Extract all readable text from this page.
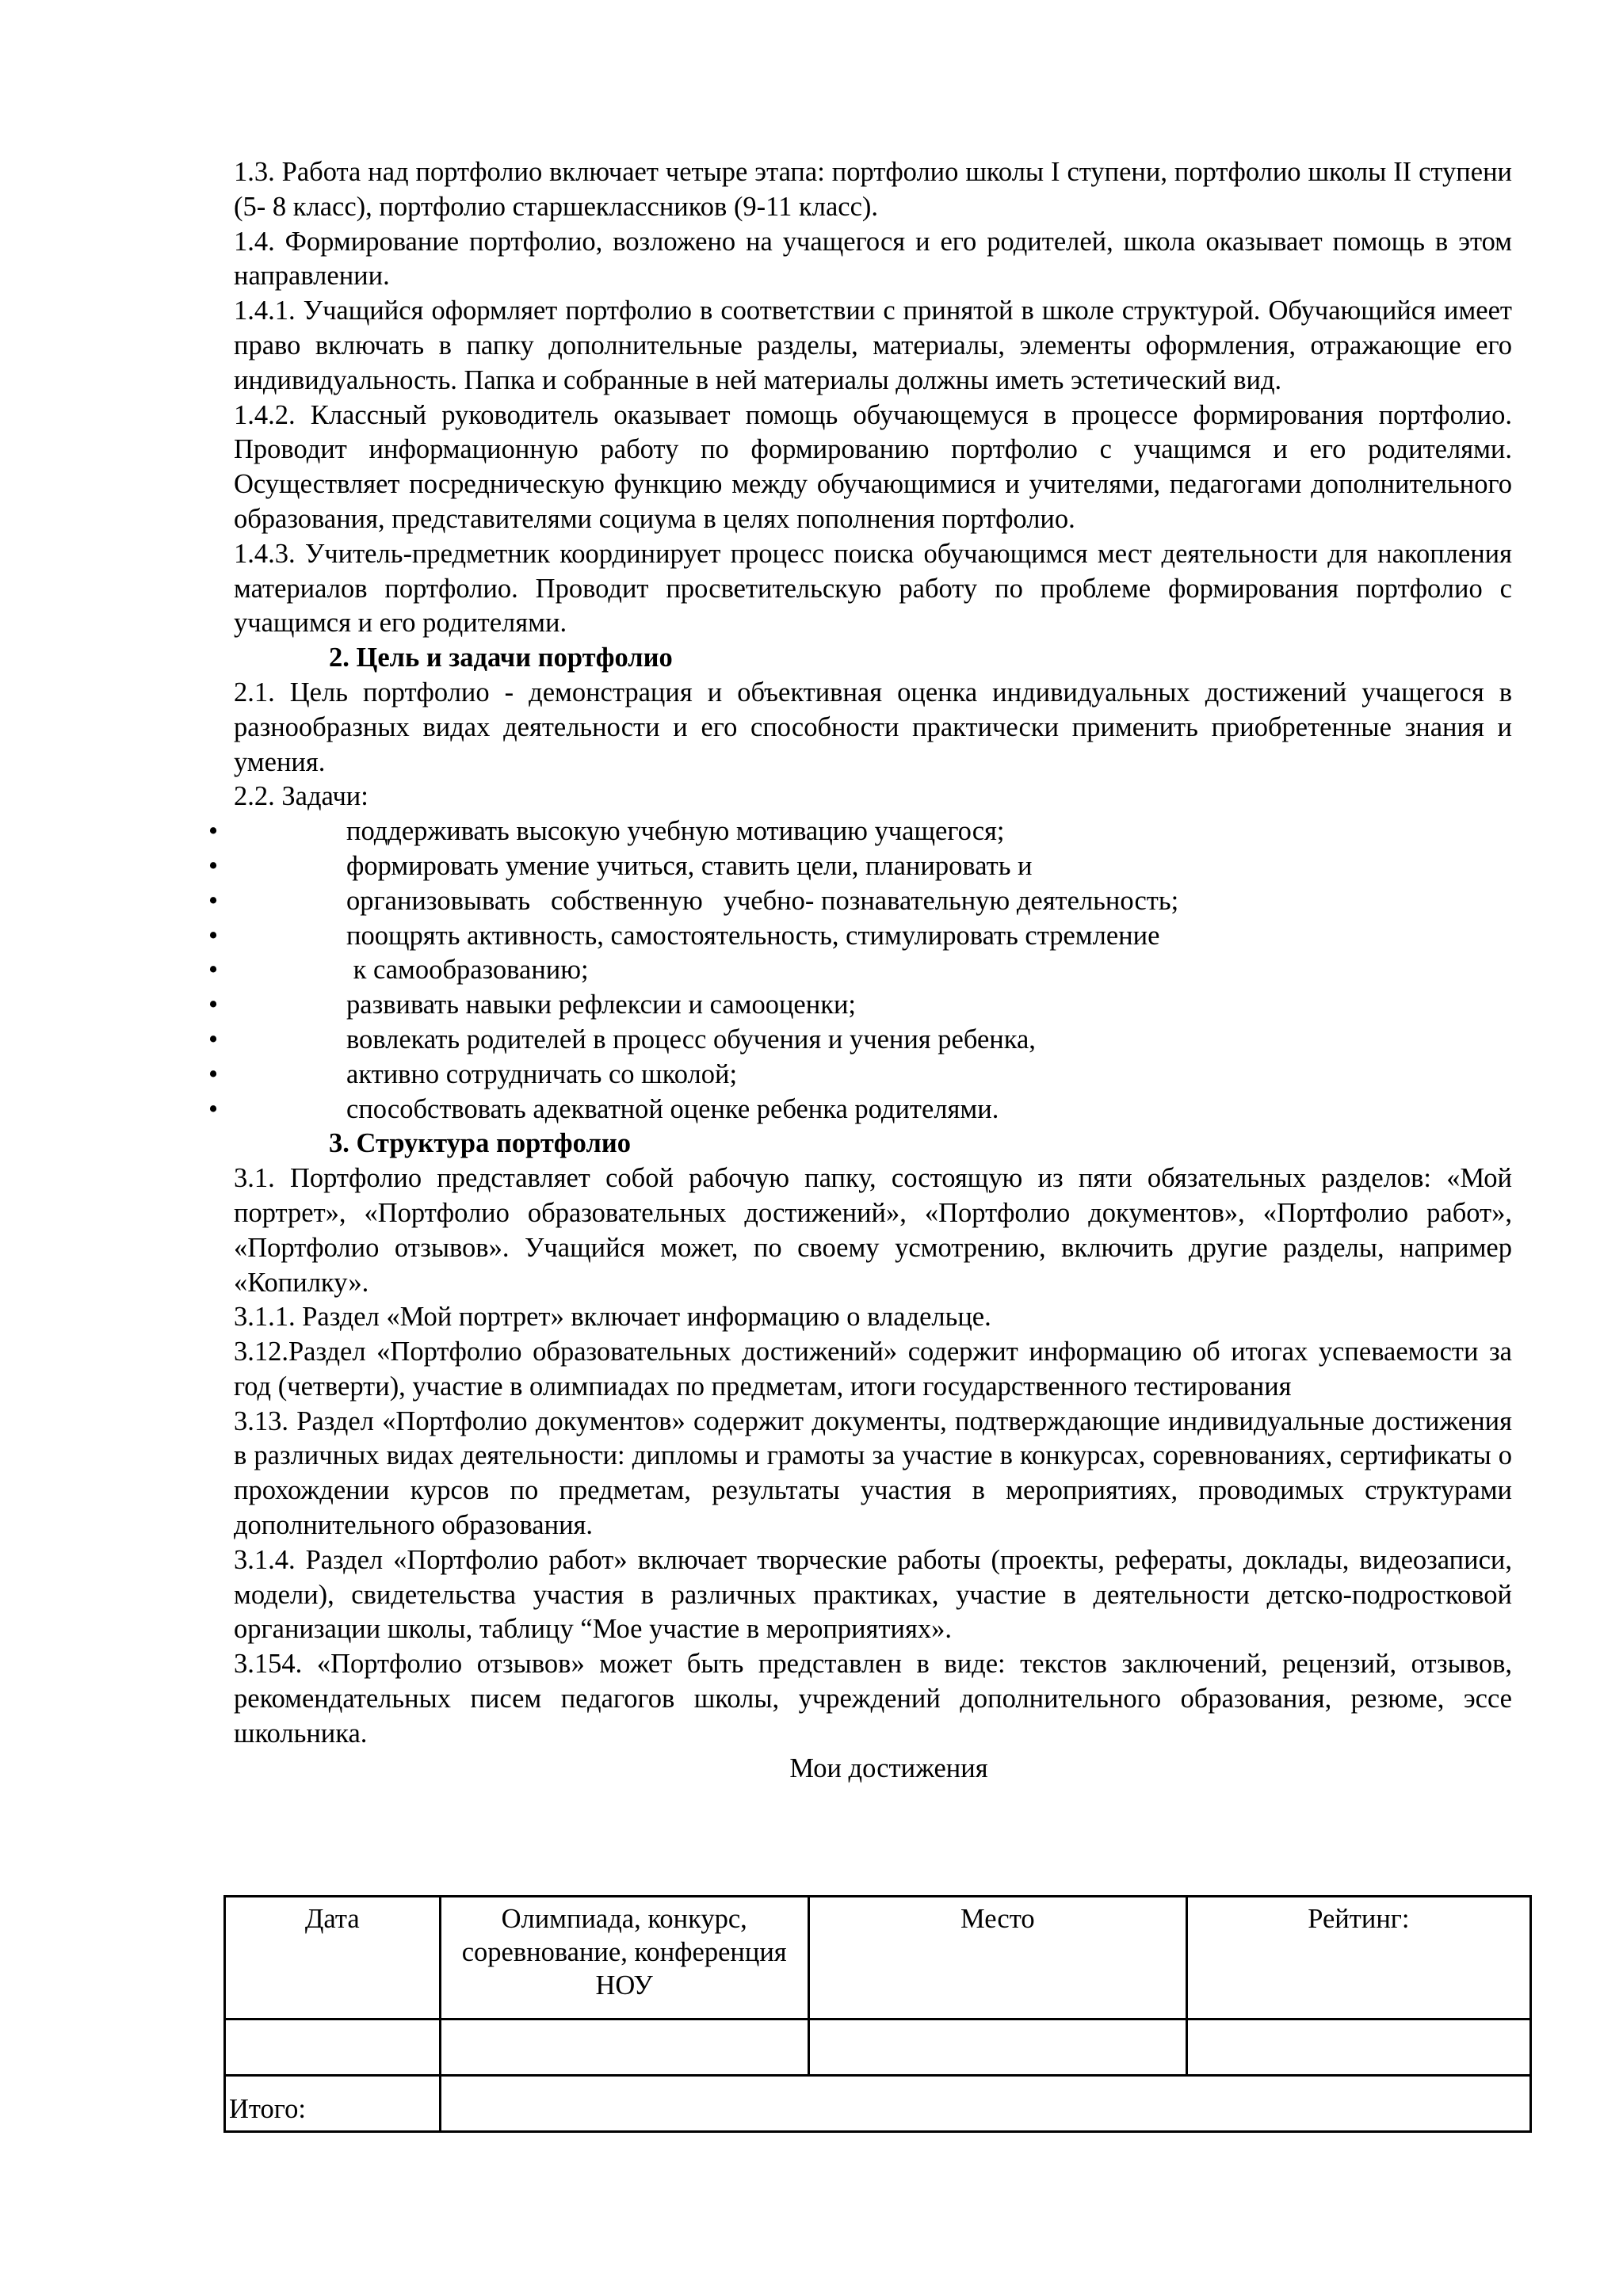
1.3. Работа над портфолио включает четыре этапа: портфолио школы I ступени, портфолио школы II ступени (5- 8 класс), портфолио старшеклассников (9-11 класс).

1.4. Формирование портфолио, возложено на учащегося и его родителей, школа оказывает помощь в этом направлении.

1.4.1. Учащийся оформляет портфолио в соответствии с принятой в школе структурой. Обучающийся имеет право включать в папку дополнительные разделы, материалы, элементы оформления, отражающие его индивидуальность. Папка и собранные в ней материалы должны иметь эстетический вид.

1.4.2. Классный руководитель оказывает помощь обучающемуся в процессе формирования портфолио. Проводит информационную работу по формированию портфолио с учащимся и его родителями. Осуществляет посредническую функцию между обучающимися и учителями, педагогами дополнительного образования, представителями социума в целях пополнения портфолио.

1.4.3. Учитель-предметник координирует процесс поиска обучающимся мест деятельности для накопления материалов портфолио. Проводит просветительскую работу по проблеме формирования портфолио с учащимся и его родителями.

2. Цель и задачи портфолио

2.1. Цель портфолио - демонстрация и объективная оценка индивидуальных достижений учащегося в разнообразных видах деятельности и его способности практически применить приобретенные знания и умения.

2.2. Задачи:

•	поддерживать высокую учебную мотивацию учащегося;
•	формировать умение учиться, ставить цели, планировать и
•	организовывать   собственную   учебно- познавательную деятельность;
•	поощрять активность, самостоятельность, стимулировать стремление
•	к самообразованию;
•	развивать навыки рефлексии и самооценки;
•	вовлекать родителей в процесс обучения и учения ребенка,
•	активно сотрудничать со школой;
•	способствовать адекватной оценке ребенка родителями.

3. Структура портфолио

3.1. Портфолио представляет собой рабочую папку, состоящую из пяти обязательных разделов: «Мой портрет», «Портфолио образовательных достижений», «Портфолио документов», «Портфолио работ», «Портфолио отзывов». Учащийся может, по своему усмотрению, включить другие разделы, например «Копилку».

3.1.1. Раздел «Мой портрет» включает информацию о владельце.

3.12.Раздел «Портфолио образовательных достижений» содержит информацию об итогах успеваемости за год (четверти), участие в олимпиадах по предметам, итоги государственного тестирования

3.13. Раздел «Портфолио документов» содержит документы, подтверждающие индивидуальные достижения в различных видах деятельности: дипломы и грамоты за участие в конкурсах, соревнованиях, сертификаты о прохождении курсов по предметам, результаты участия в мероприятиях, проводимых структурами дополнительного образования.

3.1.4. Раздел «Портфолио работ» включает творческие работы (проекты, рефераты, доклады, видеозаписи, модели), свидетельства участия в различных практиках, участие в деятельности детско-подростковой организации школы, таблицу “Мое участие в мероприятиях».

3.154. «Портфолио отзывов» может быть представлен в виде: текстов заключений, рецензий, отзывов, рекомендательных писем педагогов школы, учреждений дополнительного образования, резюме, эссе школьника.

Мои достижения

Дата	Олимпиада, конкурс, соревнование, конференция НОУ	Место	Рейтинг:

Итого:			
